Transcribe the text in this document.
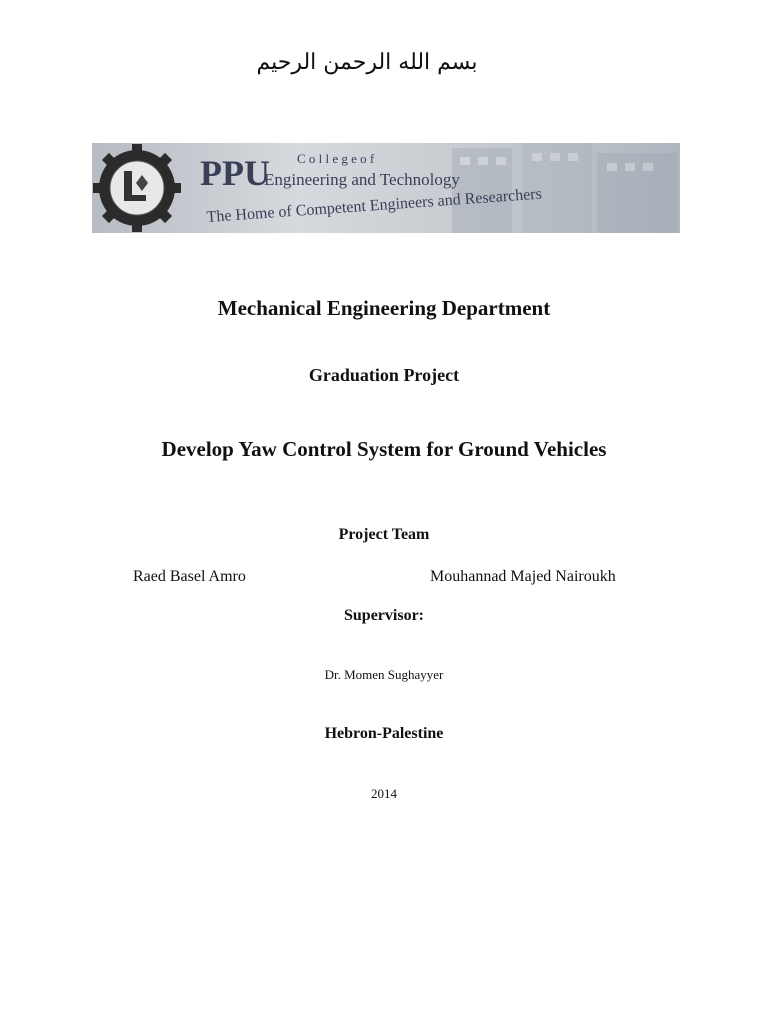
بسم الله الرحمن الرحيم
PPU C o l l e g e o f
Engineering and Technology
The Home of Competent Engineers and Researchers
Mechanical Engineering Department
Graduation Project
Develop Yaw Control System for Ground Vehicles
Project Team
Raed Basel Amro	Mouhannad Majed Nairoukh
Supervisor:
Dr. Momen Sughayyer
Hebron-Palestine
2014
